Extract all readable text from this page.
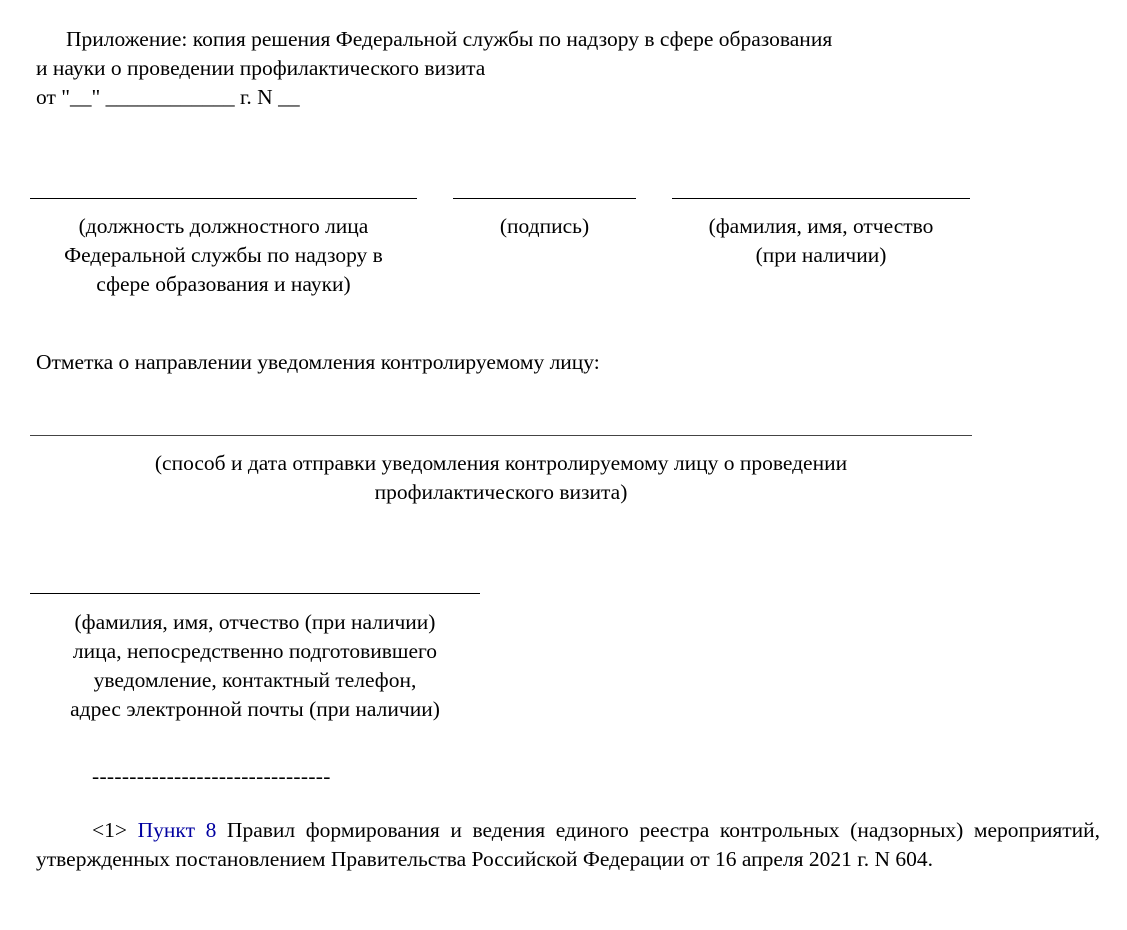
Приложение: копия решения Федеральной службы по надзору в сфере образования
и науки о проведении профилактического визита
от "__" ____________ г. N __
(должность должностного лица
Федеральной службы по надзору в
сферe образования и науки)
(подпись)	(фамилия, имя, отчество
(при наличии)
Отметка о направлении уведомления контролируемому лицу:
(способ и дата отправки уведомления контролируемому лицу о проведении
профилактического визита)
(фамилия, имя, отчество (при наличии)
лица, непосредственно подготовившего
уведомление, контактный телефон,
адрес электронной почты (при наличии)
--------------------------------
<1> Пункт 8 Правил формирования и ведения единого реестра контрольных (надзорных) мероприятий, утвержденных постановлением Правительства Российской Федерации от 16 апреля 2021 г. N 604.
